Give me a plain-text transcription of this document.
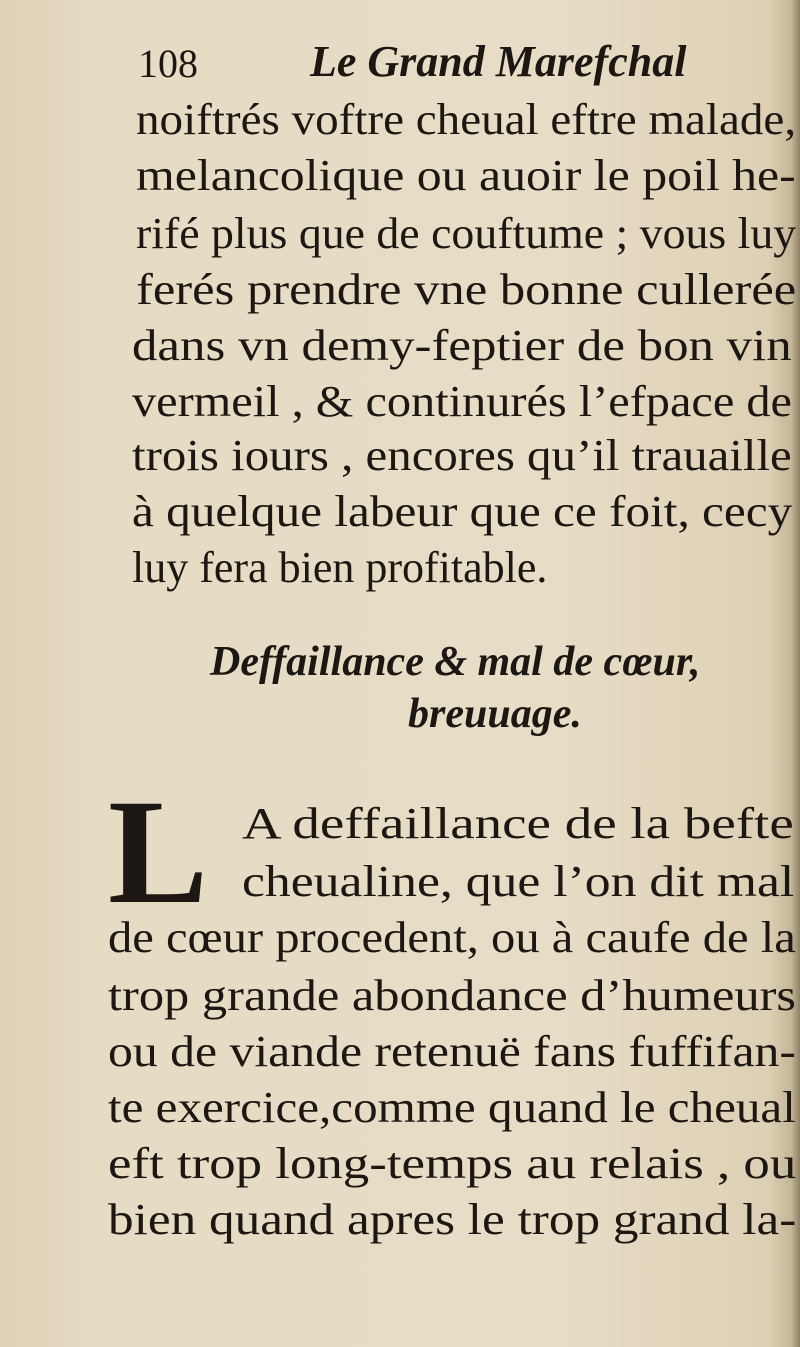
108	Le Grand Marefchal
noiftrés voftre cheual eftre malade,
melancolique ou auoir le poil he-
rifé plus que de couftume ; vous luy
ferés prendre vne bonne cullerée
dans vn demy-feptier de bon vin
vermeil , & continurés l’efpace de
trois iours , encores qu’il trauaille
à quelque labeur que ce foit, cecy
luy fera bien profitable.
Deffaillance & mal de cœur,
breuuage.
L A deffaillance de la befte
cheualine, que l’on dit mal
de cœur procedent, ou à caufe de la
trop grande abondance d’humeurs
ou de viande retenuë fans fuffifan-
te exercice,comme quand le cheual
eft trop long-temps au relais , ou
bien quand apres le trop grand la-
